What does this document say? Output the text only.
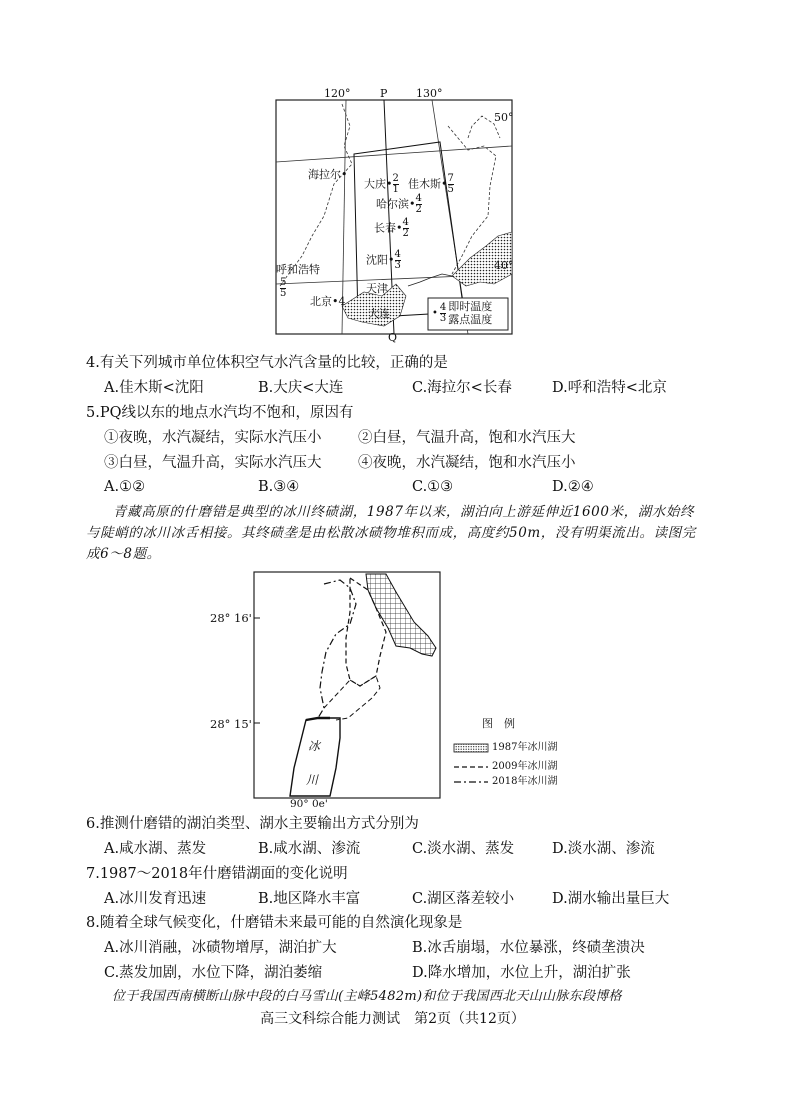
120°	P	130°
50°
40°
Q
海拉尔•
大庆• $\frac{2}{1}$ 佳木斯• $\frac{7}{5}$
哈尔滨• $\frac{4}{2}$
长春• $\frac{4}{2}$
沈阳• $\frac{4}{3}$
呼和浩特
$\frac{5}{5}$	天津
北京•4
大连	• $\frac{4}{3}$ 即时温度
露点温度
4.有关下列城市单位体积空气水汽含量的比较，正确的是
A.佳木斯<沈阳	B.大庆<大连	C.海拉尔<长春	D.呼和浩特<北京
5.PQ线以东的地点水汽均不饱和，原因有
①夜晚，水汽凝结，实际水汽压小	②白昼，气温升高，饱和水汽压大
③白昼，气温升高，实际水汽压大	④夜晚，水汽凝结，饱和水汽压小
A.①②	B.③④	C.①③	D.②④
青藏高原的什磨错是典型的冰川终碛湖，1987年以来，湖泊向上游延伸近1600米，湖水始终与陡峭的冰川冰舌相接。其终碛垄是由松散冰碛物堆积而成，高度约50m，没有明渠流出。读图完成6～8题。
28° 16'
28° 15'
90° 0e'
冰
川
图　例
1987年冰川湖
2009年冰川湖
2018年冰川湖
6.推测什磨错的湖泊类型、湖水主要输出方式分别为
A.咸水湖、蒸发	B.咸水湖、渗流	C.淡水湖、蒸发	D.淡水湖、渗流
7.1987～2018年什磨错湖面的变化说明
A.冰川发育迅速	B.地区降水丰富	C.湖区落差较小	D.湖水输出量巨大
8.随着全球气候变化，什磨错未来最可能的自然演化现象是
A.冰川消融，冰碛物增厚，湖泊扩大	B.冰舌崩塌，水位暴涨，终碛垄溃决
C.蒸发加剧，水位下降，湖泊萎缩	D.降水增加，水位上升，湖泊扩张
位于我国西南横断山脉中段的白马雪山(主峰5482m)和位于我国西北天山山脉东段博格
高三文科综合能力测试　第2页（共12页）
